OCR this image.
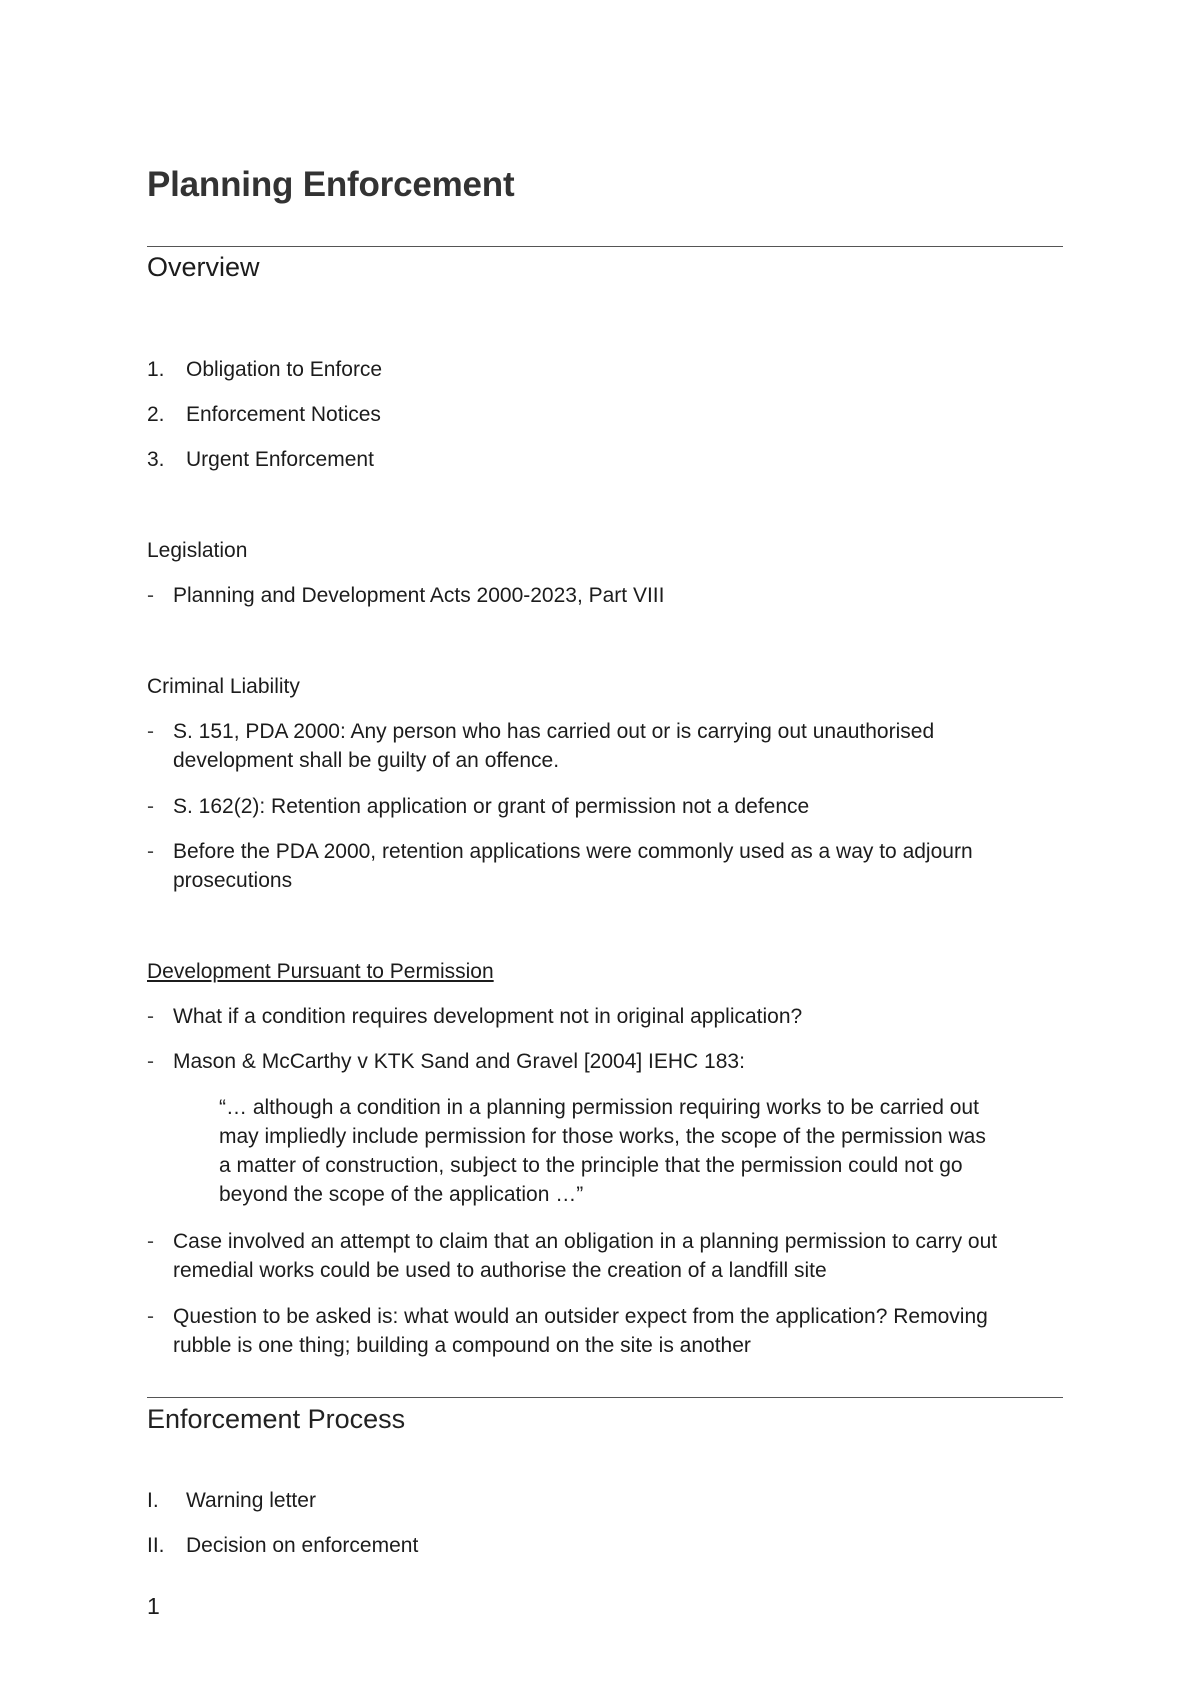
Planning Enforcement
Overview
1. Obligation to Enforce
2. Enforcement Notices
3. Urgent Enforcement
Legislation
- Planning and Development Acts 2000-2023, Part VIII
Criminal Liability
- S. 151, PDA 2000: Any person who has carried out or is carrying out unauthorised
development shall be guilty of an offence.
- S. 162(2): Retention application or grant of permission not a defence
- Before the PDA 2000, retention applications were commonly used as a way to adjourn
prosecutions
Development Pursuant to Permission
- What if a condition requires development not in original application?
- Mason & McCarthy v KTK Sand and Gravel [2004] IEHC 183:
“… although a condition in a planning permission requiring works to be carried out
may impliedly include permission for those works, the scope of the permission was
a matter of construction, subject to the principle that the permission could not go
beyond the scope of the application …”
- Case involved an attempt to claim that an obligation in a planning permission to carry out
remedial works could be used to authorise the creation of a landfill site
- Question to be asked is: what would an outsider expect from the application? Removing
rubble is one thing; building a compound on the site is another
Enforcement Process
I. Warning letter
II. Decision on enforcement
1
